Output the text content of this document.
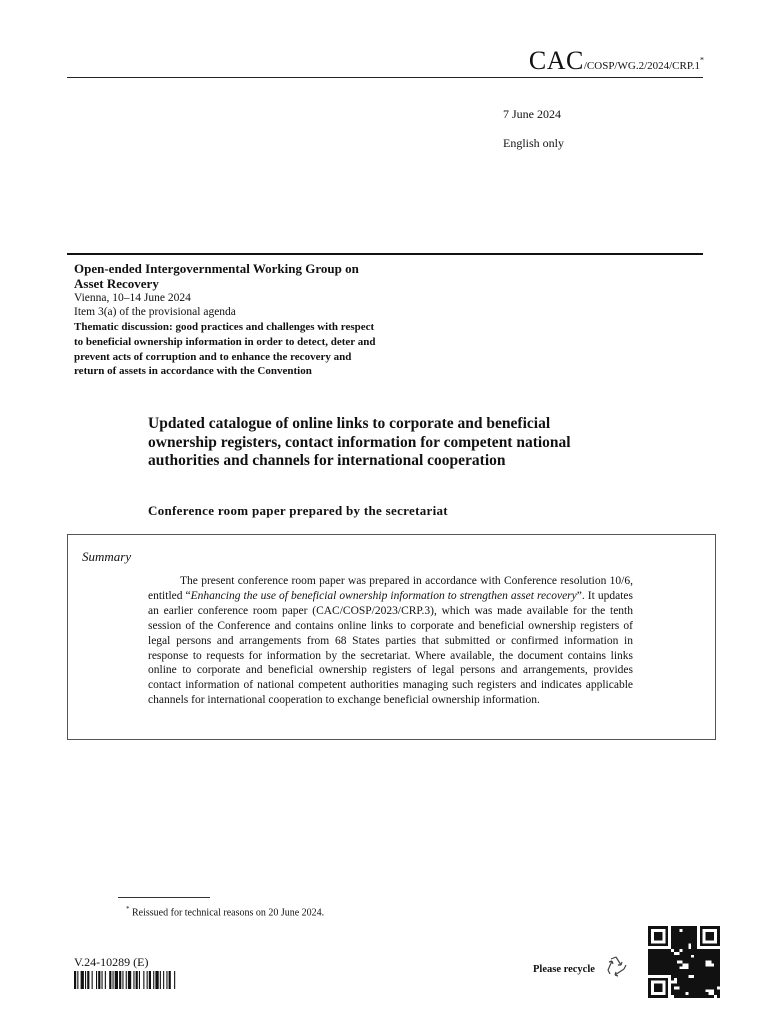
CAC/COSP/WG.2/2024/CRP.1*
7 June 2024
English only
Open-ended Intergovernmental Working Group on Asset Recovery
Vienna, 10–14 June 2024
Item 3(a) of the provisional agenda
Thematic discussion: good practices and challenges with respect to beneficial ownership information in order to detect, deter and prevent acts of corruption and to enhance the recovery and return of assets in accordance with the Convention
Updated catalogue of online links to corporate and beneficial ownership registers, contact information for competent national authorities and channels for international cooperation
Conference room paper prepared by the secretariat
Summary

The present conference room paper was prepared in accordance with Conference resolution 10/6, entitled “Enhancing the use of beneficial ownership information to strengthen asset recovery”. It updates an earlier conference room paper (CAC/COSP/2023/CRP.3), which was made available for the tenth session of the Conference and contains online links to corporate and beneficial ownership registers of legal persons and arrangements from 68 States parties that submitted or confirmed information in response to requests for information by the secretariat. Where available, the document contains links online to corporate and beneficial ownership registers of legal persons and arrangements, provides contact information of national competent authorities managing such registers and indicates applicable channels for international cooperation to exchange beneficial ownership information.

* Reissued for technical reasons on 20 June 2024.
V.24-10289 (E)
Please recycle
